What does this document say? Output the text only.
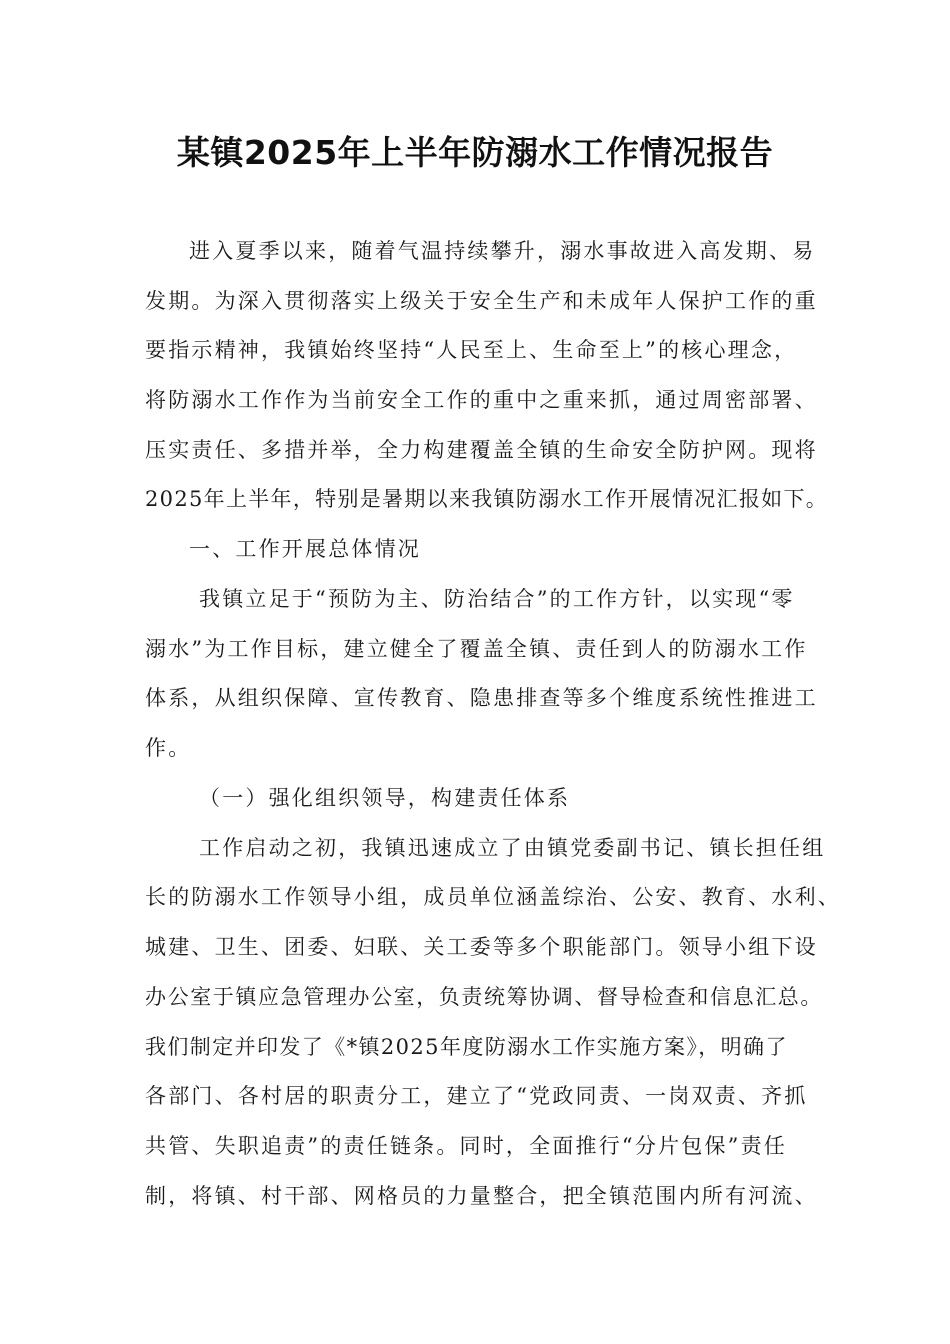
某镇2025年上半年防溺水工作情况报告
进入夏季以来，随着气温持续攀升，溺水事故进入高发期、易
发期。为深入贯彻落实上级关于安全生产和未成年人保护工作的重
要指示精神，我镇始终坚持“人民至上、生命至上”的核心理念，
将防溺水工作作为当前安全工作的重中之重来抓，通过周密部署、
压实责任、多措并举，全力构建覆盖全镇的生命安全防护网。现将
2025年上半年，特别是暑期以来我镇防溺水工作开展情况汇报如下。
一、工作开展总体情况
我镇立足于“预防为主、防治结合”的工作方针，以实现“零
溺水”为工作目标，建立健全了覆盖全镇、责任到人的防溺水工作
体系，从组织保障、宣传教育、隐患排查等多个维度系统性推进工
作。
（一）强化组织领导，构建责任体系
工作启动之初，我镇迅速成立了由镇党委副书记、镇长担任组
长的防溺水工作领导小组，成员单位涵盖综治、公安、教育、水利、
城建、卫生、团委、妇联、关工委等多个职能部门。领导小组下设
办公室于镇应急管理办公室，负责统筹协调、督导检查和信息汇总。
我们制定并印发了《*镇2025年度防溺水工作实施方案》，明确了
各部门、各村居的职责分工，建立了“党政同责、一岗双责、齐抓
共管、失职追责”的责任链条。同时，全面推行“分片包保”责任
制，将镇、村干部、网格员的力量整合，把全镇范围内所有河流、
